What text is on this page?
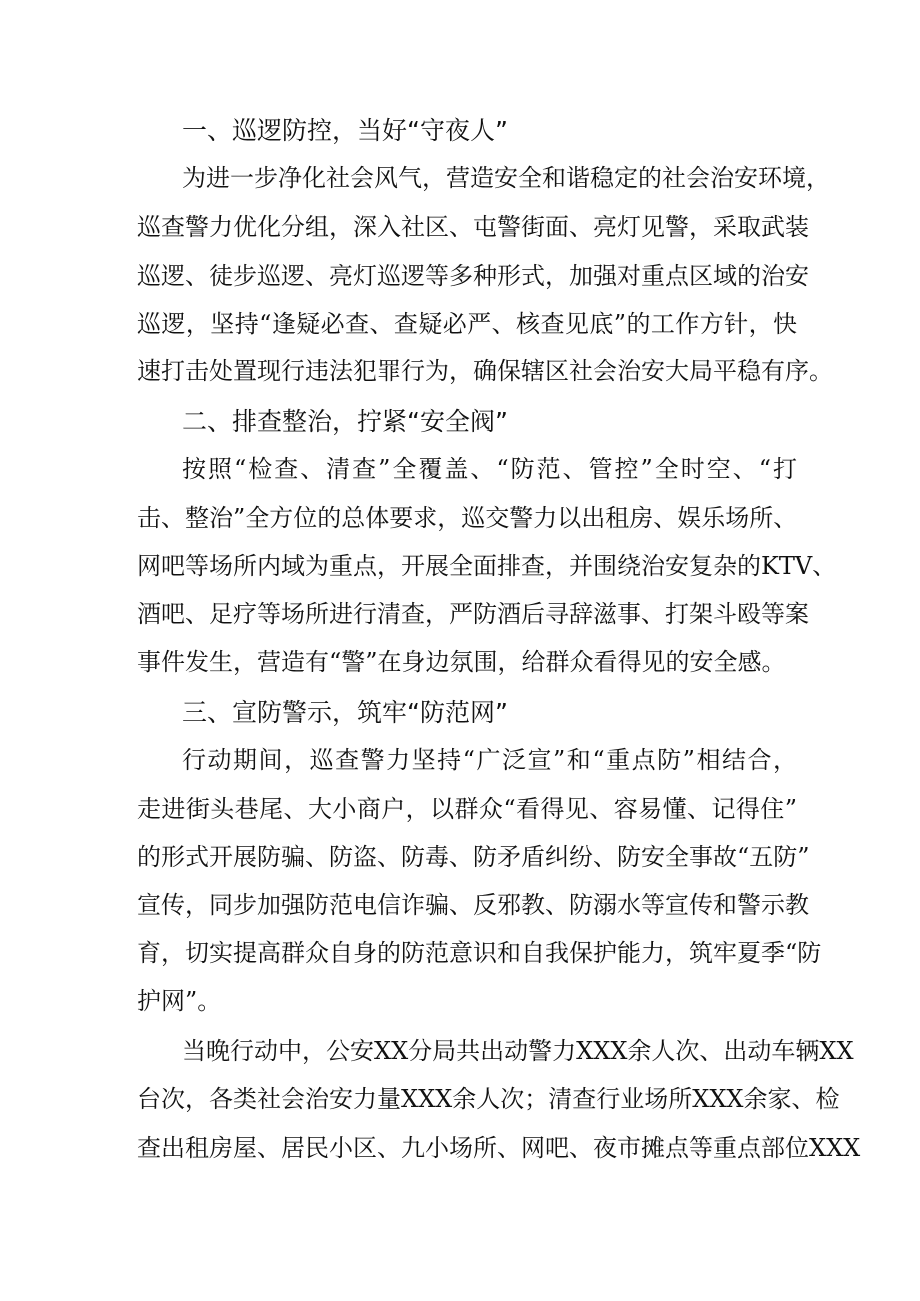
一、巡逻防控，当好“守夜人”
为进一步净化社会风气，营造安全和谐稳定的社会治安环境，
巡查警力优化分组，深入社区、屯警街面、亮灯见警，采取武装
巡逻、徒步巡逻、亮灯巡逻等多种形式，加强对重点区域的治安
巡逻，坚持“逢疑必查、查疑必严、核查见底”的工作方针，快
速打击处置现行违法犯罪行为，确保辖区社会治安大局平稳有序。
二、排查整治，拧紧“安全阀”
按照“检查、清查”全覆盖、“防范、管控”全时空、“打
击、整治”全方位的总体要求，巡交警力以出租房、娱乐场所、
网吧等场所内域为重点，开展全面排查，并围绕治安复杂的KTV、
酒吧、足疗等场所进行清查，严防酒后寻辞滋事、打架斗殴等案
事件发生，营造有“警”在身边氛围，给群众看得见的安全感。
三、宣防警示，筑牢“防范网”
行动期间，巡查警力坚持“广泛宣”和“重点防”相结合，
走进街头巷尾、大小商户，以群众“看得见、容易懂、记得住”
的形式开展防骗、防盗、防毒、防矛盾纠纷、防安全事故“五防”
宣传，同步加强防范电信诈骗、反邪教、防溺水等宣传和警示教
育，切实提高群众自身的防范意识和自我保护能力，筑牢夏季“防
护网”。
当晚行动中，公安XX分局共出动警力XXX余人次、出动车辆XX
台次，各类社会治安力量XXX余人次；清查行业场所XXX余家、检
查出租房屋、居民小区、九小场所、网吧、夜市摊点等重点部位XXX
